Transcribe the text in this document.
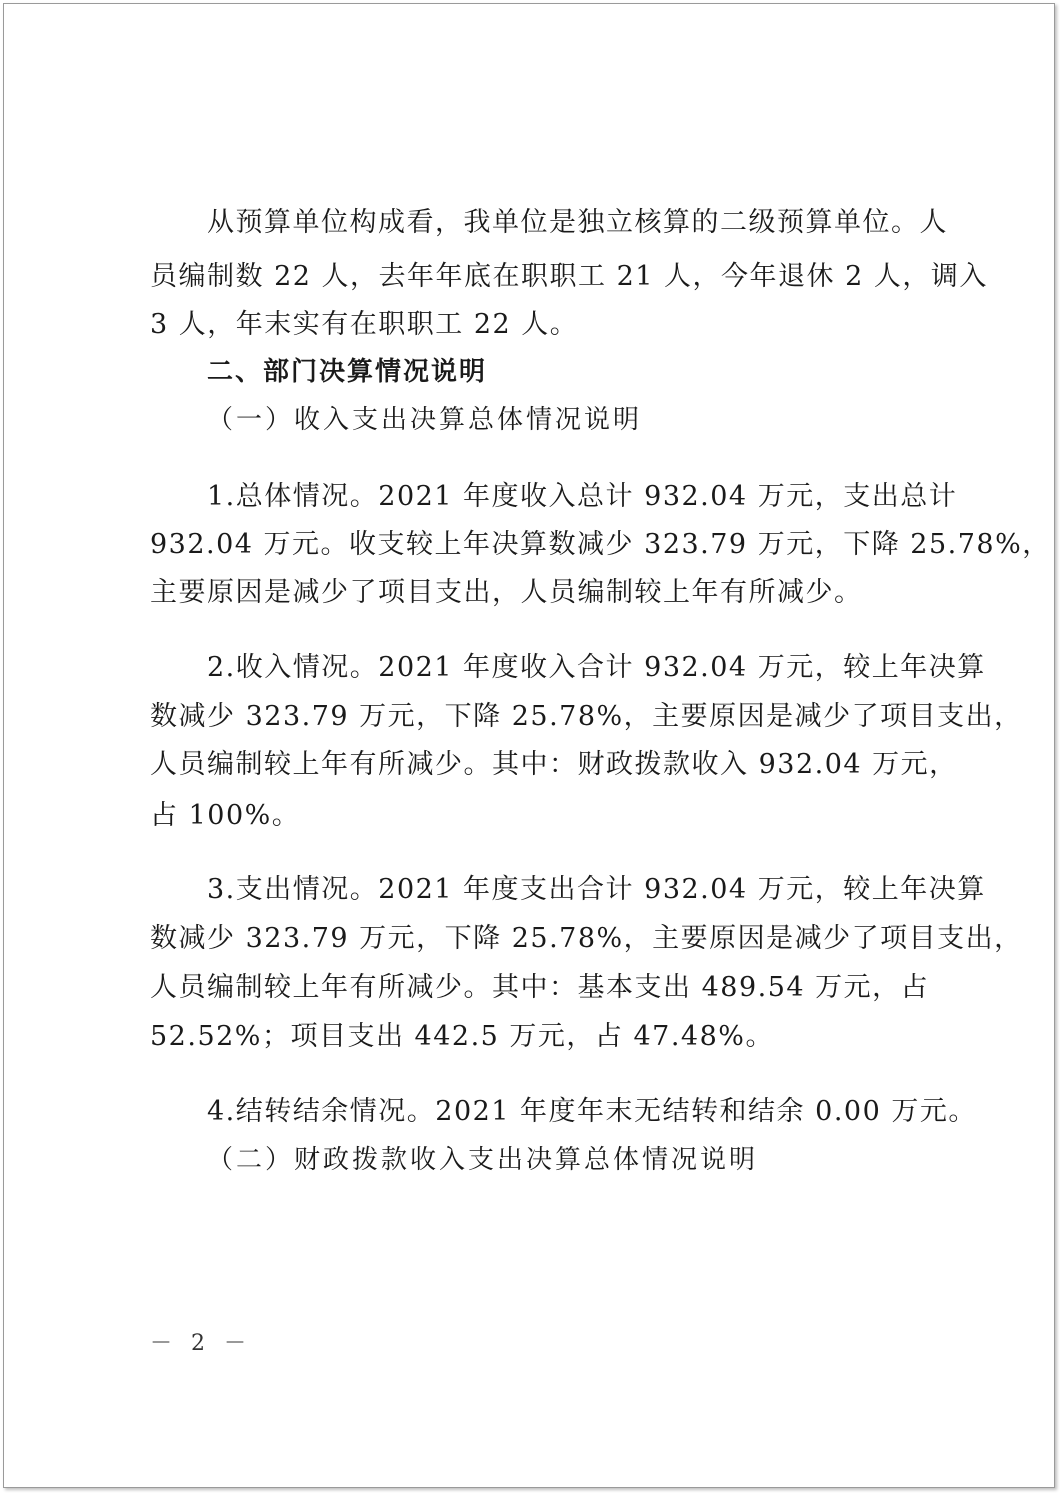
从预算单位构成看，我单位是独立核算的二级预算单位。人
员编制数 22 人，去年年底在职职工 21 人，今年退休 2 人，调入
3 人，年末实有在职职工 22 人。
二、部门决算情况说明
（一）收入支出决算总体情况说明
1.总体情况。2021 年度收入总计 932.04 万元，支出总计
932.04 万元。收支较上年决算数减少 323.79 万元，下降 25.78%，
主要原因是减少了项目支出，人员编制较上年有所减少。
2.收入情况。2021 年度收入合计 932.04 万元，较上年决算
数减少 323.79 万元，下降 25.78%，主要原因是减少了项目支出，
人员编制较上年有所减少。其中：财政拨款收入 932.04 万元，
占 100%。
3.支出情况。2021 年度支出合计 932.04 万元，较上年决算
数减少 323.79 万元，下降 25.78%，主要原因是减少了项目支出，
人员编制较上年有所减少。其中：基本支出 489.54 万元，占
52.52%；项目支出 442.5 万元，占 47.48%。
4.结转结余情况。2021 年度年末无结转和结余 0.00 万元。
（二）财政拨款收入支出决算总体情况说明
－ 2 －
